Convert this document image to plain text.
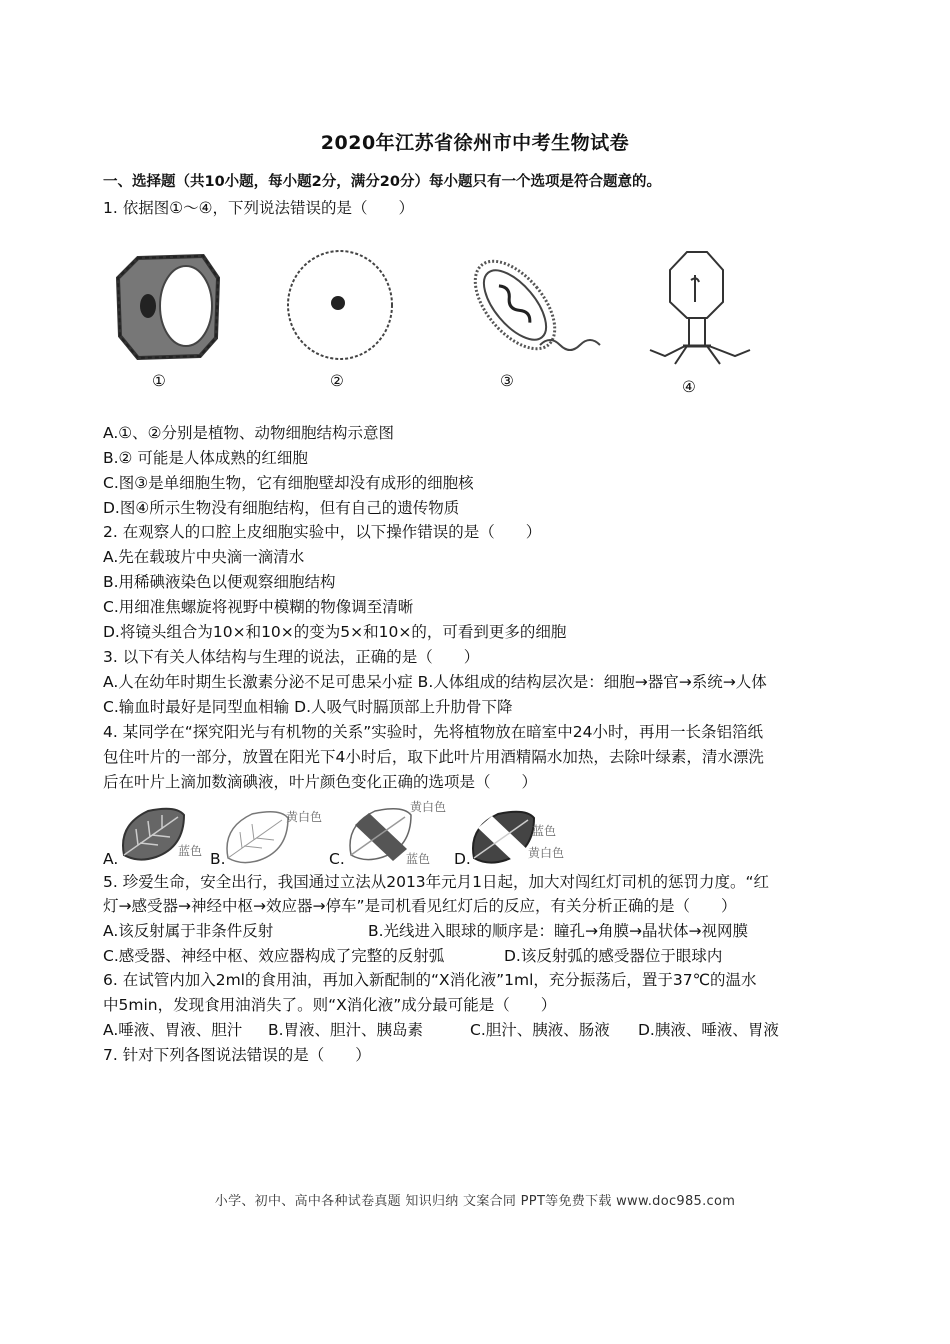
2020年江苏省徐州市中考生物试卷
一、选择题（共10小题，每小题2分，满分20分）每小题只有一个选项是符合题意的。
1. 依据图①～④，下列说法错误的是（　　）
①	②	③	④
A.①、②分别是植物、动物细胞结构示意图
B.② 可能是人体成熟的红细胞
C.图③是单细胞生物，它有细胞壁却没有成形的细胞核
D.图④所示生物没有细胞结构，但有自己的遗传物质
2. 在观察人的口腔上皮细胞实验中，以下操作错误的是（　　）
A.先在载玻片中央滴一滴清水
B.用稀碘液染色以便观察细胞结构
C.用细准焦螺旋将视野中模糊的物像调至清晰
D.将镜头组合为10×和10×的变为5×和10×的，可看到更多的细胞
3. 以下有关人体结构与生理的说法，正确的是（　　）
A.人在幼年时期生长激素分泌不足可患呆小症 B.人体组成的结构层次是：细胞→器官→系统→人体
C.输血时最好是同型血相输 D.人吸气时膈顶部上升肋骨下降
4. 某同学在“探究阳光与有机物的关系”实验时，先将植物放在暗室中24小时，再用一长条铝箔纸
包住叶片的一部分，放置在阳光下4小时后，取下此叶片用酒精隔水加热，去除叶绿素，清水漂洗
后在叶片上滴加数滴碘液，叶片颜色变化正确的选项是（　　）
A.	蓝色 B.
黄白色
C.
黄白色
蓝色 D.
蓝色
黄白色
5. 珍爱生命，安全出行，我国通过立法从2013年元月1日起，加大对闯红灯司机的惩罚力度。“红
灯→感受器→神经中枢→效应器→停车”是司机看见红灯后的反应，有关分析正确的是（　　）
A.该反射属于非条件反射	B.光线进入眼球的顺序是：瞳孔→角膜→晶状体→视网膜
C.感受器、神经中枢、效应器构成了完整的反射弧	D.该反射弧的感受器位于眼球内
6. 在试管内加入2ml的食用油，再加入新配制的“X消化液”1ml，充分振荡后，置于37℃的温水
中5min，发现食用油消失了。则“X消化液”成分最可能是（　　）
A.唾液、胃液、胆汁 B.胃液、胆汁、胰岛素	C.胆汁、胰液、肠液 D.胰液、唾液、胃液
7. 针对下列各图说法错误的是（　　）
小学、初中、高中各种试卷真题 知识归纳 文案合同 PPT等免费下载 www.doc985.com
